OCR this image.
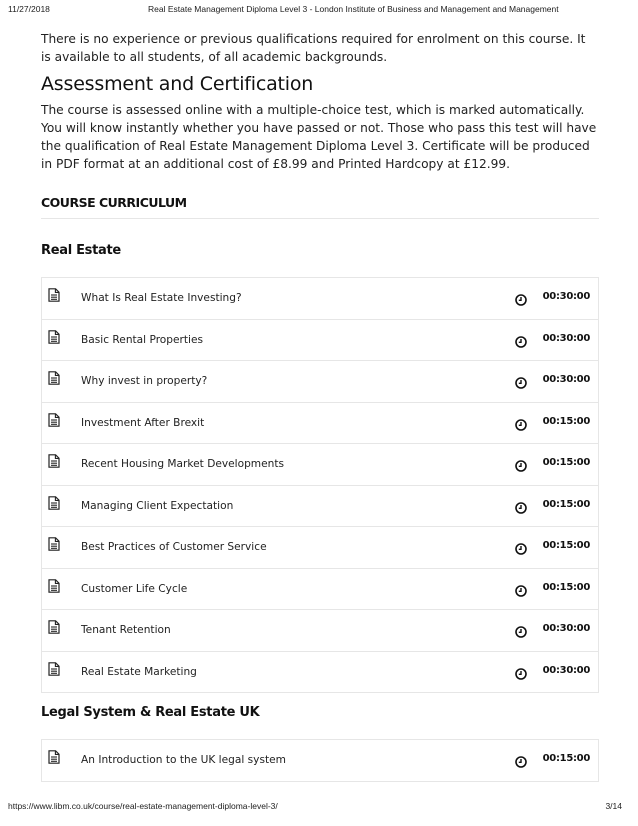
11/27/2018	Real Estate Management Diploma Level 3 - London Institute of Business and Management and Management

There is no experience or previous qualifications required for enrolment on this course. It is available to all students, of all academic backgrounds.

Assessment and Certification

The course is assessed online with a multiple-choice test, which is marked automatically. You will know instantly whether you have passed or not. Those who pass this test will have the qualification of Real Estate Management Diploma Level 3. Certificate will be produced in PDF format at an additional cost of £8.99 and Printed Hardcopy at £12.99.

COURSE CURRICULUM
Real Estate
What Is Real Estate Investing?	00:30:00
Basic Rental Properties	00:30:00
Why invest in property?	00:30:00
Investment After Brexit	00:15:00
Recent Housing Market Developments	00:15:00
Managing Client Expectation	00:15:00
Best Practices of Customer Service	00:15:00
Customer Life Cycle	00:15:00
Tenant Retention	00:30:00
Real Estate Marketing	00:30:00
Legal System & Real Estate UK
An Introduction to the UK legal system	00:15:00
https://www.libm.co.uk/course/real-estate-management-diploma-level-3/	3/14
